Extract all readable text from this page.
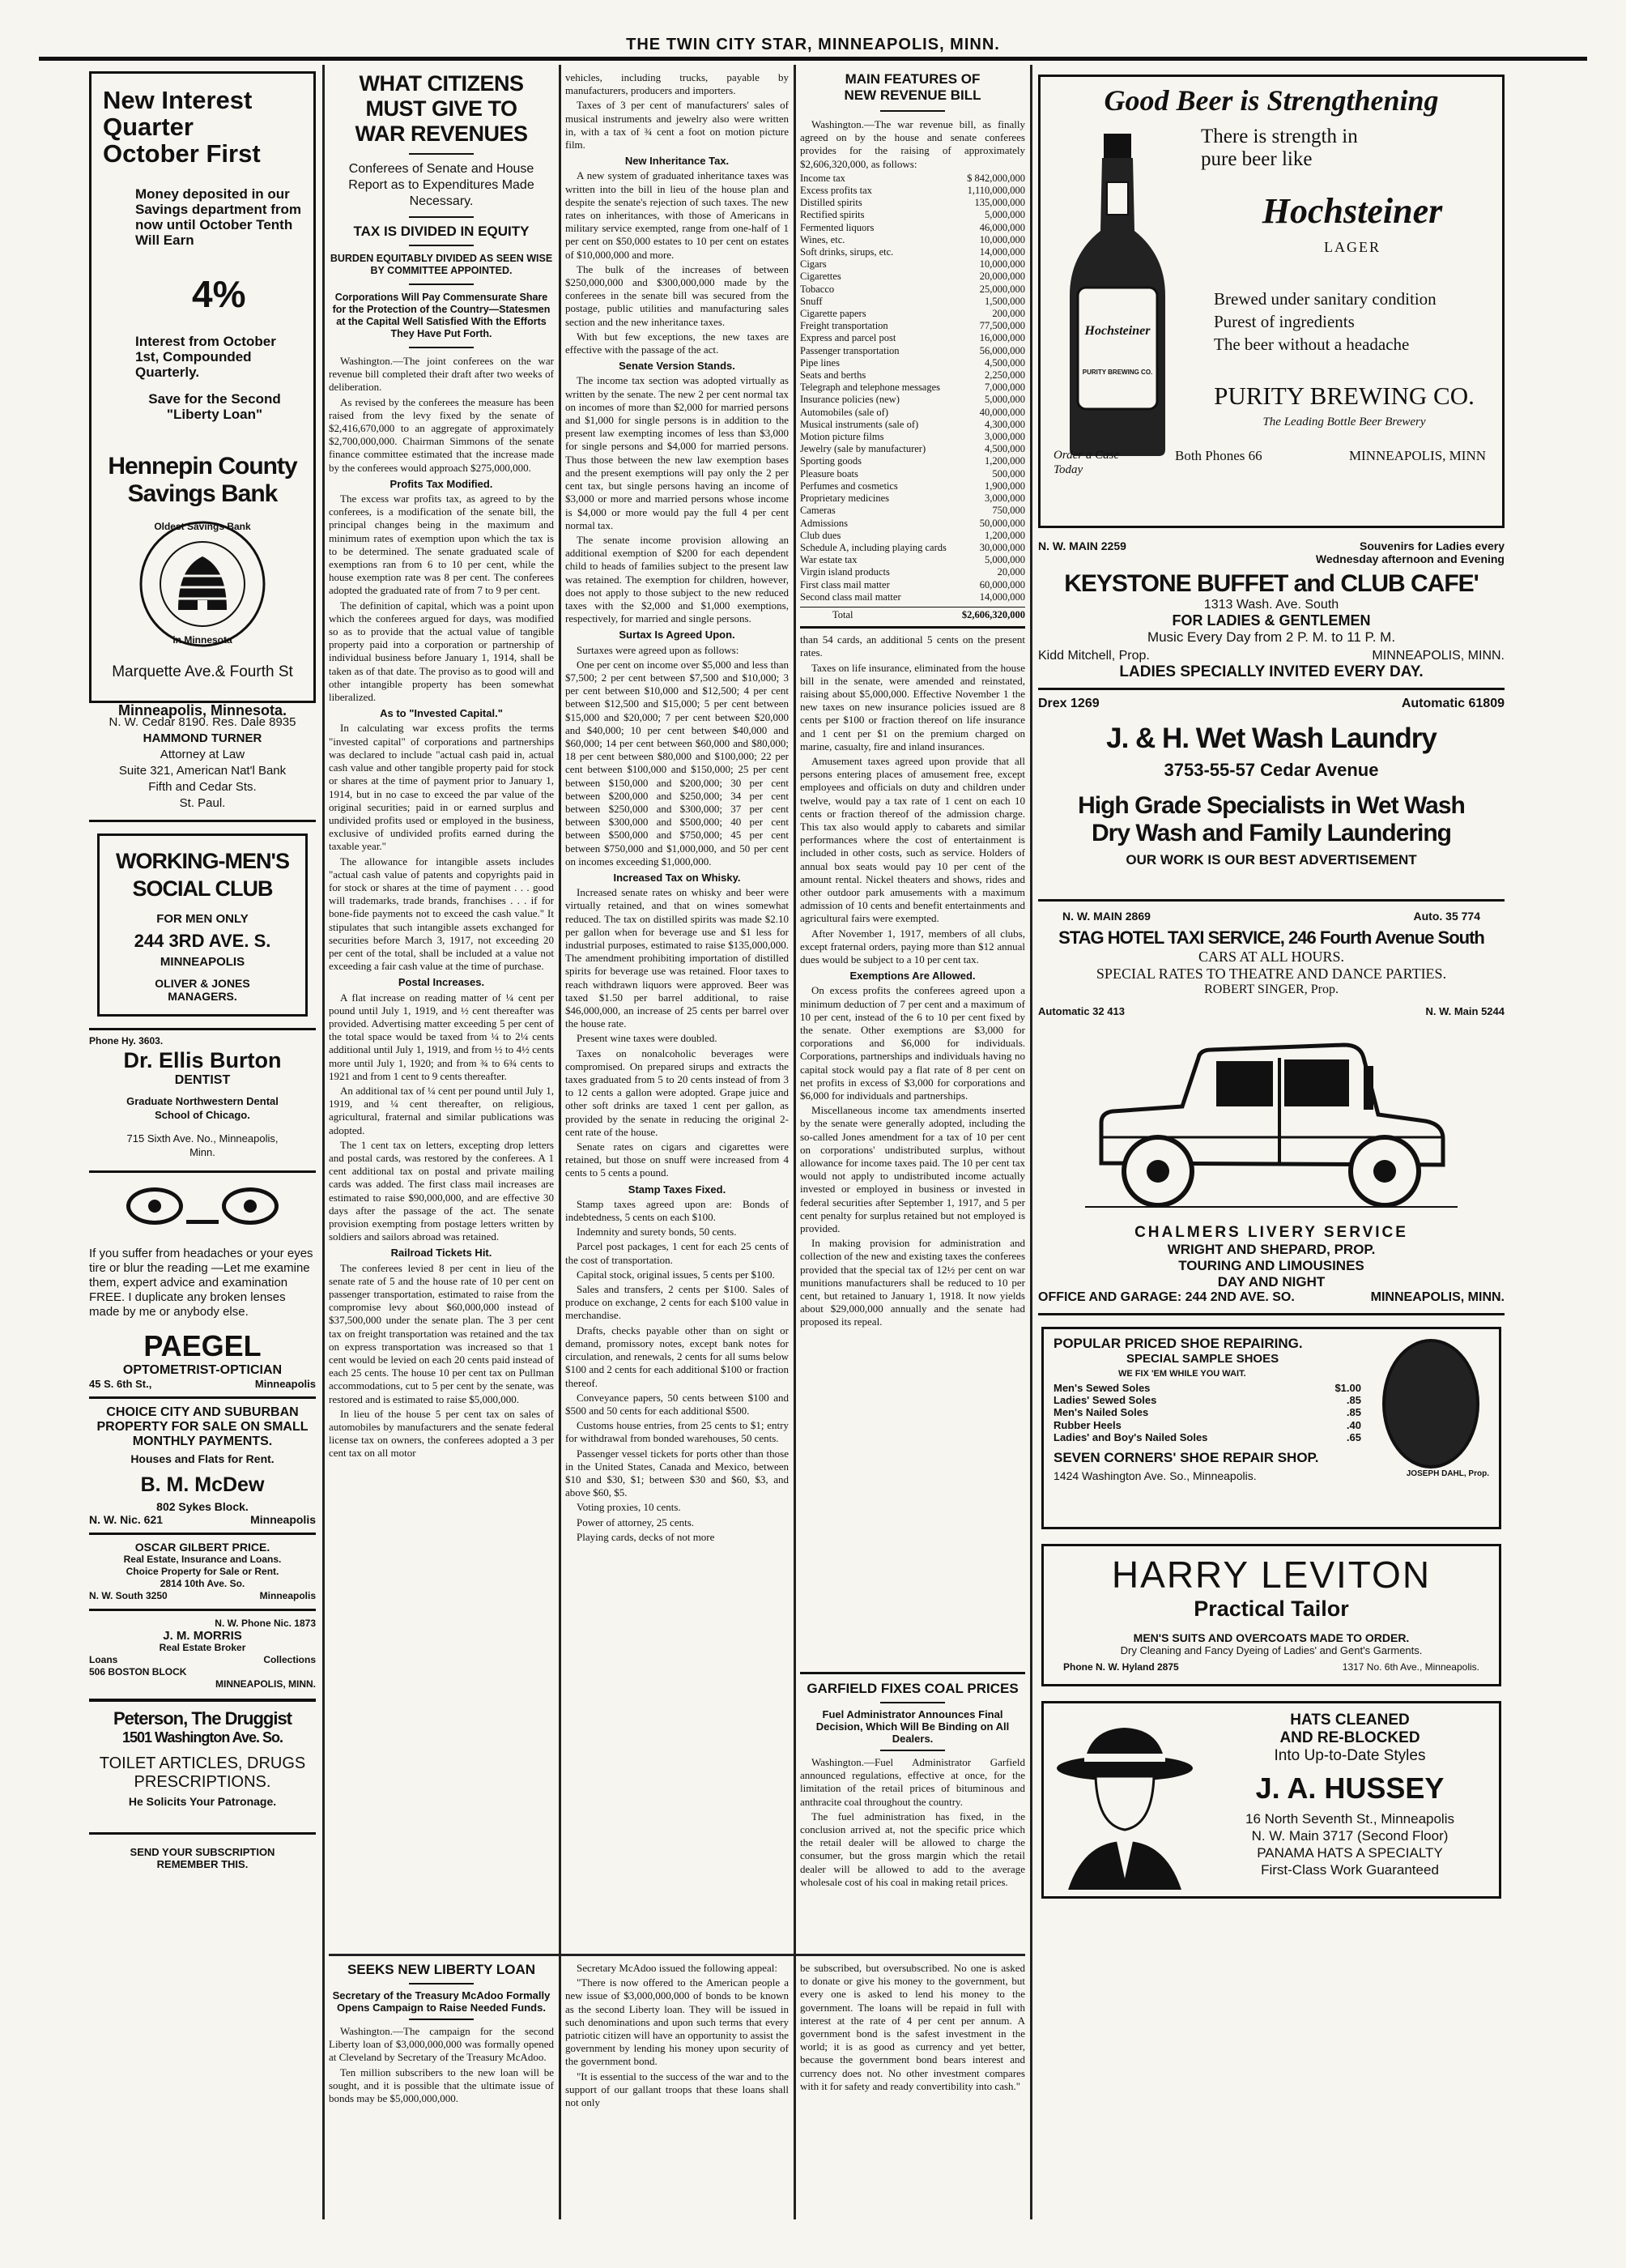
THE TWIN CITY STAR, MINNEAPOLIS, MINN.
New Interest
Quarter
October First
Money deposited in our Savings department from now until October Tenth Will Earn
4%
Interest from October 1st, Compounded Quarterly.
Save for the Second "Liberty Loan"
Hennepin County
Savings Bank
Oldest Savings Bank
in Minnesota
Marquette Ave.& Fourth St
Minneapolis, Minnesota.
N. W. Cedar 8190. Res. Dale 8935
HAMMOND TURNER
Attorney at Law
Suite 321, American Nat'l Bank
Fifth and Cedar Sts.
St. Paul.
WORKING-MEN'S
SOCIAL CLUB
FOR MEN ONLY
244 3RD AVE. S.
MINNEAPOLIS
OLIVER & JONES
MANAGERS.
Phone Hy. 3603.
Dr. Ellis Burton
DENTIST
Graduate Northwestern Dental School of Chicago.
715 Sixth Ave. No., Minneapolis, Minn.

If you suffer from headaches or your eyes tire or blur the reading —Let me examine them, expert advice and examination FREE. I duplicate any broken lenses made by me or anybody else.
PAEGEL
OPTOMETRIST-OPTICIAN
45 S. 6th St.,	Minneapolis
CHOICE CITY AND SUBURBAN PROPERTY FOR SALE ON SMALL MONTHLY PAYMENTS.
Houses and Flats for Rent.
B. M. McDew
802 Sykes Block.
N. W. Nic. 621	Minneapolis
OSCAR GILBERT PRICE.
Real Estate, Insurance and Loans.
Choice Property for Sale or Rent.
2814 10th Ave. So.
N. W. South 3250	Minneapolis
N. W. Phone Nic. 1873
J. M. MORRIS
Real Estate Broker
Loans	Collections
506 BOSTON BLOCK
MINNEAPOLIS, MINN.
Peterson, The Druggist
1501 Washington Ave. So.
TOILET ARTICLES, DRUGS
PRESCRIPTIONS.
He Solicits Your Patronage.
SEND YOUR SUBSCRIPTION
REMEMBER THIS.
WHAT CITIZENS
MUST GIVE TO
WAR REVENUES
Conferees of Senate and House Report as to Expenditures Made Necessary.
TAX IS DIVIDED IN EQUITY
BURDEN EQUITABLY DIVIDED AS SEEN WISE BY COMMITTEE APPOINTED.
Corporations Will Pay Commensurate Share for the Protection of the Country—Statesmen at the Capital Well Satisfied With the Efforts They Have Put Forth.

Washington.—The joint conferees on the war revenue bill completed their draft after two weeks of deliberation.

As revised by the conferees the measure has been raised from the levy fixed by the senate of $2,416,670,000 to an aggregate of approximately $2,700,000,000. Chairman Simmons of the senate finance committee estimated that the increase made by the conferees would approach $275,000,000.

Profits Tax Modified.

The excess war profits tax, as agreed to by the conferees, is a modification of the senate bill, the principal changes being in the maximum and minimum rates of exemption upon which the tax is to be determined. The senate graduated scale of exemptions ran from 6 to 10 per cent, while the house exemption rate was 8 per cent. The conferees adopted the graduated rate of from 7 to 9 per cent.

The definition of capital, which was a point upon which the conferees argued for days, was modified so as to provide that the actual value of tangible property paid into a corporation or partnership of individual business before January 1, 1914, shall be taken as of that date. The proviso as to good will and other intangible property has been somewhat liberalized.

As to "Invested Capital."

In calculating war excess profits the terms "invested capital" of corporations and partnerships was declared to include "actual cash paid in, actual cash value and other tangible property paid for stock or shares at the time of payment prior to January 1, 1914, but in no case to exceed the par value of the original securities; paid in or earned surplus and undivided profits used or employed in the business, exclusive of undivided profits earned during the taxable year."

The allowance for intangible assets includes "actual cash value of patents and copyrights paid in for stock or shares at the time of payment . . . good will trademarks, trade brands, franchises . . . if for bone-fide payments not to exceed the cash value." It stipulates that such intangible assets exchanged for securities before March 3, 1917, not exceeding 20 per cent of the total, shall be included at a value not exceeding a fair cash value at the time of purchase.

Postal Increases.

A flat increase on reading matter of ¼ cent per pound until July 1, 1919, and ½ cent thereafter was provided. Advertising matter exceeding 5 per cent of the total space would be taxed from ¼ to 2¼ cents additional until July 1, 1919, and from ½ to 4½ cents more until July 1, 1920; and from ¾ to 6¾ cents to 1921 and from 1 cent to 9 cents thereafter.

An additional tax of ¼ cent per pound until July 1, 1919, and ¼ cent thereafter, on religious, agricultural, fraternal and similar publications was adopted.

The 1 cent tax on letters, excepting drop letters and postal cards, was restored by the conferees. A 1 cent additional tax on postal and private mailing cards was added. The first class mail increases are estimated to raise $90,000,000, and are effective 30 days after the passage of the act. The senate provision exempting from postage letters written by soldiers and sailors abroad was retained.

Railroad Tickets Hit.

The conferees levied 8 per cent in lieu of the senate rate of 5 and the house rate of 10 per cent on passenger transportation, estimated to raise from the compromise levy about $60,000,000 instead of $37,500,000 under the senate plan. The 3 per cent tax on freight transportation was retained and the tax on express transportation was increased so that 1 cent would be levied on each 20 cents paid instead of each 25 cents. The house 10 per cent tax on Pullman accommodations, cut to 5 per cent by the senate, was restored and is estimated to raise $5,000,000.

In lieu of the house 5 per cent tax on sales of automobiles by manufacturers and the senate federal license tax on owners, the conferees adopted a 3 per cent tax on all motor

vehicles, including trucks, payable by manufacturers, producers and importers.

Taxes of 3 per cent of manufacturers' sales of musical instruments and jewelry also were written in, with a tax of ¾ cent a foot on motion picture film.

New Inheritance Tax.

A new system of graduated inheritance taxes was written into the bill in lieu of the house plan and despite the senate's rejection of such taxes. The new rates on inheritances, with those of Americans in military service exempted, range from one-half of 1 per cent on $50,000 estates to 10 per cent on estates of $10,000,000 and more.

The bulk of the increases of between $250,000,000 and $300,000,000 made by the conferees in the senate bill was secured from the postage, public utilities and manufacturing sales section and the new inheritance taxes.

With but few exceptions, the new taxes are effective with the passage of the act.

Senate Version Stands.

The income tax section was adopted virtually as written by the senate. The new 2 per cent normal tax on incomes of more than $2,000 for married persons and $1,000 for single persons is in addition to the present law exempting incomes of less than $3,000 for single persons and $4,000 for married persons. Thus those between the new law exemption bases and the present exemptions will pay only the 2 per cent tax, but single persons having an income of $3,000 or more and married persons whose income is $4,000 or more would pay the full 4 per cent normal tax.

The senate income provision allowing an additional exemption of $200 for each dependent child to heads of families subject to the present law was retained. The exemption for children, however, does not apply to those subject to the new reduced taxes with the $2,000 and $1,000 exemptions, respectively, for married and single persons.

Surtax Is Agreed Upon.

Surtaxes were agreed upon as follows:

One per cent on income over $5,000 and less than $7,500; 2 per cent between $7,500 and $10,000; 3 per cent between $10,000 and $12,500; 4 per cent between $12,500 and $15,000; 5 per cent between $15,000 and $20,000; 7 per cent between $20,000 and $40,000; 10 per cent between $40,000 and $60,000; 14 per cent between $60,000 and $80,000; 18 per cent between $80,000 and $100,000; 22 per cent between $100,000 and $150,000; 25 per cent between $150,000 and $200,000; 30 per cent between $200,000 and $250,000; 34 per cent between $250,000 and $300,000; 37 per cent between $300,000 and $500,000; 40 per cent between $500,000 and $750,000; 45 per cent between $750,000 and $1,000,000, and 50 per cent on incomes exceeding $1,000,000.

Increased Tax on Whisky.

Increased senate rates on whisky and beer were virtually retained, and that on wines somewhat reduced. The tax on distilled spirits was made $2.10 per gallon when for beverage use and $1 less for industrial purposes, estimated to raise $135,000,000. The amendment prohibiting importation of distilled spirits for beverage use was retained. Floor taxes to reach withdrawn liquors were approved. Beer was taxed $1.50 per barrel additional, to raise $46,000,000, an increase of 25 cents per barrel over the house rate.

Present wine taxes were doubled.

Taxes on nonalcoholic beverages were compromised. On prepared sirups and extracts the taxes graduated from 5 to 20 cents instead of from 3 to 12 cents a gallon were adopted. Grape juice and other soft drinks are taxed 1 cent per gallon, as provided by the senate in reducing the original 2-cent rate of the house.

Senate rates on cigars and cigarettes were retained, but those on snuff were increased from 4 cents to 5 cents a pound.

Stamp Taxes Fixed.

Stamp taxes agreed upon are: Bonds of indebtedness, 5 cents on each $100.

Indemnity and surety bonds, 50 cents.

Parcel post packages, 1 cent for each 25 cents of the cost of transportation.

Capital stock, original issues, 5 cents per $100.

Sales and transfers, 2 cents per $100. Sales of produce on exchange, 2 cents for each $100 value in merchandise.

Drafts, checks payable other than on sight or demand, promissory notes, except bank notes for circulation, and renewals, 2 cents for all sums below $100 and 2 cents for each additional $100 or fraction thereof.

Conveyance papers, 50 cents between $100 and $500 and 50 cents for each additional $500.

Customs house entries, from 25 cents to $1; entry for withdrawal from bonded warehouses, 50 cents.

Passenger vessel tickets for ports other than those in the United States, Canada and Mexico, between $10 and $30, $1; between $30 and $60, $3, and above $60, $5.

Voting proxies, 10 cents.

Power of attorney, 25 cents.

Playing cards, decks of not more

MAIN FEATURES OF
NEW REVENUE BILL

Washington.—The war revenue bill, as finally agreed on by the house and senate conferees provides for the raising of approximately $2,606,320,000, as follows:

Income tax	$ 842,000,000
Excess profits tax	1,110,000,000
Distilled spirits	135,000,000
Rectified spirits	5,000,000
Fermented liquors	46,000,000
Wines, etc.	10,000,000
Soft drinks, sirups, etc.	14,000,000
Cigars	10,000,000
Cigarettes	20,000,000
Tobacco	25,000,000
Snuff	1,500,000
Cigarette papers	200,000
Freight transportation	77,500,000
Express and parcel post	16,000,000
Passenger transportation	56,000,000
Pipe lines	4,500,000
Seats and berths	2,250,000
Telegraph and telephone messages	7,000,000
Insurance policies (new)	5,000,000
Automobiles (sale of)	40,000,000
Musical instruments (sale of)	4,300,000
Motion picture films	3,000,000
Jewelry (sale by manufacturer)	4,500,000
Sporting goods	1,200,000
Pleasure boats	500,000
Perfumes and cosmetics	1,900,000
Proprietary medicines	3,000,000
Cameras	750,000
Admissions	50,000,000
Club dues	1,200,000
Schedule A, including playing cards	30,000,000
War estate tax	5,000,000
Virgin island products	20,000
First class mail matter	60,000,000
Second class mail matter	14,000,000
Total	$2,606,320,000

than 54 cards, an additional 5 cents on the present rates.

Taxes on life insurance, eliminated from the house bill in the senate, were amended and reinstated, raising about $5,000,000. Effective November 1 the new taxes on new insurance policies issued are 8 cents per $100 or fraction thereof on life insurance and 1 cent per $1 on the premium charged on marine, casualty, fire and inland insurances.

Amusement taxes agreed upon provide that all persons entering places of amusement free, except employees and officials on duty and children under twelve, would pay a tax rate of 1 cent on each 10 cents or fraction thereof of the admission charge. This tax also would apply to cabarets and similar performances where the cost of entertainment is included in other costs, such as service. Holders of annual box seats would pay 10 per cent of the amount rental. Nickel theaters and shows, rides and other outdoor park amusements with a maximum admission of 10 cents and benefit entertainments and agricultural fairs were exempted.

After November 1, 1917, members of all clubs, except fraternal orders, paying more than $12 annual dues would be subject to a 10 per cent tax.

Exemptions Are Allowed.

On excess profits the conferees agreed upon a minimum deduction of 7 per cent and a maximum of 10 per cent, instead of the 6 to 10 per cent fixed by the senate. Other exemptions are $3,000 for corporations and $6,000 for individuals. Corporations, partnerships and individuals having no capital stock would pay a flat rate of 8 per cent on net profits in excess of $3,000 for corporations and $6,000 for individuals and partnerships.

Miscellaneous income tax amendments inserted by the senate were generally adopted, including the so-called Jones amendment for a tax of 10 per cent on corporations' undistributed surplus, without allowance for income taxes paid. The 10 per cent tax would not apply to undistributed income actually invested or employed in business or invested in federal securities after September 1, 1917, and 5 per cent penalty for surplus retained but not employed is provided.

In making provision for administration and collection of the new and existing taxes the conferees provided that the special tax of 12½ per cent on war munitions manufacturers shall be reduced to 10 per cent, but retained to January 1, 1918. It now yields about $29,000,000 annually and the senate had proposed its repeal.

GARFIELD FIXES COAL PRICES
Fuel Administrator Announces Final Decision, Which Will Be Binding on All Dealers.

Washington.—Fuel Administrator Garfield announced regulations, effective at once, for the limitation of the retail prices of bituminous and anthracite coal throughout the country.

The fuel administration has fixed, in the conclusion arrived at, not the specific price which the retail dealer will be allowed to charge the consumer, but the gross margin which the retail dealer will be allowed to add to the average wholesale cost of his coal in making retail prices.

SEEKS NEW LIBERTY LOAN
Secretary of the Treasury McAdoo Formally Opens Campaign to Raise Needed Funds.

Washington.—The campaign for the second Liberty loan of $3,000,000,000 was formally opened at Cleveland by Secretary of the Treasury McAdoo.

Ten million subscribers to the new loan will be sought, and it is possible that the ultimate issue of bonds may be $5,000,000,000.

Secretary McAdoo issued the following appeal:

"There is now offered to the American people a new issue of $3,000,000,000 of bonds to be known as the second Liberty loan. They will be issued in such denominations and upon such terms that every patriotic citizen will have an opportunity to assist the government by lending his money upon security of the government bond.

"It is essential to the success of the war and to the support of our gallant troops that these loans shall not only

be subscribed, but oversubscribed. No one is asked to donate or give his money to the government, but every one is asked to lend his money to the government. The loans will be repaid in full with interest at the rate of 4 per cent per annum. A government bond is the safest investment in the world; it is as good as currency and yet better, because the government bond bears interest and currency does not. No other investment compares with it for safety and ready convertibility into cash."

Good Beer is Strengthening
Hochsteiner
PURITY BREWING CO.
There is strength in
pure beer like
Hochsteiner
LAGER
Brewed under sanitary condition
Purest of ingredients
The beer without a headache
PURITY BREWING CO.
The Leading Bottle Beer Brewery
Order a Case
Today
Both Phones 66	MINNEAPOLIS, MINN
N. W. MAIN 2259	Souvenirs for Ladies every
Wednesday afternoon and Evening
KEYSTONE BUFFET and CLUB CAFE'
1313 Wash. Ave. South
FOR LADIES & GENTLEMEN
Music Every Day from 2 P. M. to 11 P. M.
Kidd Mitchell, Prop.	MINNEAPOLIS, MINN.
LADIES SPECIALLY INVITED EVERY DAY.
Drex 1269	Automatic 61809
J. & H. Wet Wash Laundry
3753-55-57 Cedar Avenue
High Grade Specialists in Wet Wash
Dry Wash and Family Laundering
OUR WORK IS OUR BEST ADVERTISEMENT
N. W. MAIN 2869	Auto. 35 774
STAG HOTEL TAXI SERVICE, 246 Fourth Avenue South
CARS AT ALL HOURS.
SPECIAL RATES TO THEATRE AND DANCE PARTIES.
ROBERT SINGER, Prop.
Automatic 32 413	N. W. Main 5244
CHALMERS LIVERY SERVICE
WRIGHT AND SHEPARD, PROP.
TOURING AND LIMOUSINES
DAY AND NIGHT
OFFICE AND GARAGE: 244 2ND AVE. SO.	MINNEAPOLIS, MINN.
POPULAR PRICED SHOE REPAIRING.
SPECIAL SAMPLE SHOES
WE FIX 'EM WHILE YOU WAIT.
Men's Sewed Soles	$1.00
Ladies' Sewed Soles	.85
Men's Nailed Soles	.85
Rubber Heels	.40
Ladies' and Boy's Nailed Soles	.65
SEVEN CORNERS' SHOE REPAIR SHOP.
1424 Washington Ave. So., Minneapolis.	JOSEPH DAHL, Prop.
HARRY LEVITON
Practical Tailor
MEN'S SUITS AND OVERCOATS MADE TO ORDER.
Dry Cleaning and Fancy Dyeing of Ladies' and Gent's Garments.
Phone N. W. Hyland 2875	1317 No. 6th Ave., Minneapolis.
HATS CLEANED
AND RE-BLOCKED
Into Up-to-Date Styles
J. A. HUSSEY
16 North Seventh St., Minneapolis
N. W. Main 3717 (Second Floor)
PANAMA HATS A SPECIALTY
First-Class Work Guaranteed
